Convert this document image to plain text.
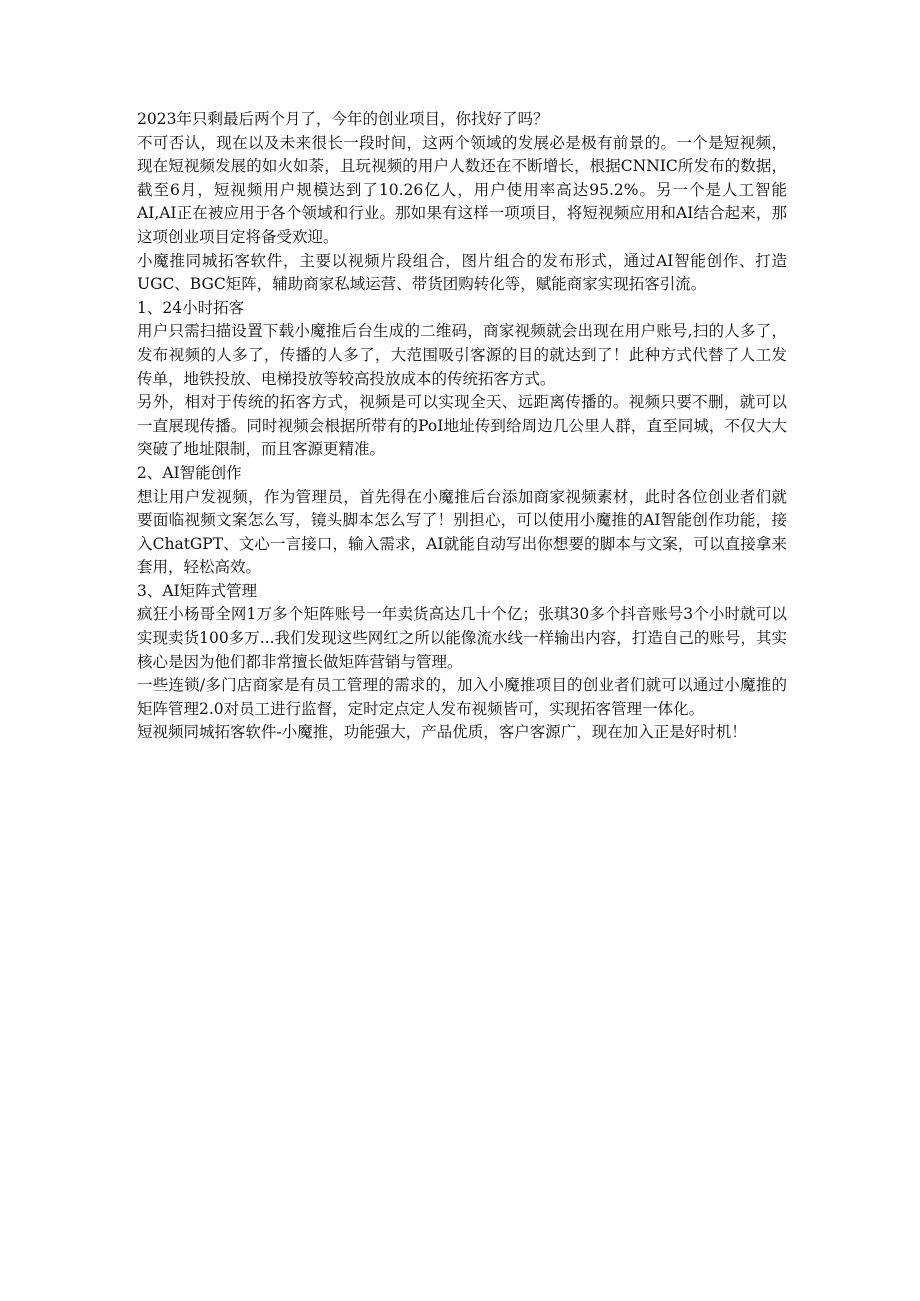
2023年只剩最后两个月了，今年的创业项目，你找好了吗？

不可否认，现在以及未来很长一段时间，这两个领域的发展必是极有前景的。一个是短视频，现在短视频发展的如火如荼，且玩视频的用户人数还在不断增长，根据CNNIC所发布的数据，截至6月，短视频用户规模达到了10.26亿人，用户使用率高达95.2%。另一个是人工智能AI,AI正在被应用于各个领域和行业。那如果有这样一项项目，将短视频应用和AI结合起来，那这项创业项目定将备受欢迎。

小魔推同城拓客软件，主要以视频片段组合，图片组合的发布形式，通过AI智能创作、打造UGC、BGC矩阵，辅助商家私域运营、带货团购转化等，赋能商家实现拓客引流。

1、24小时拓客

用户只需扫描设置下载小魔推后台生成的二维码，商家视频就会出现在用户账号,扫的人多了，发布视频的人多了，传播的人多了，大范围吸引客源的目的就达到了！此种方式代替了人工发传单，地铁投放、电梯投放等较高投放成本的传统拓客方式。

另外，相对于传统的拓客方式，视频是可以实现全天、远距离传播的。视频只要不删，就可以一直展现传播。同时视频会根据所带有的PoI地址传到给周边几公里人群，直至同城，不仅大大突破了地址限制，而且客源更精准。

2、AI智能创作

想让用户发视频，作为管理员，首先得在小魔推后台添加商家视频素材，此时各位创业者们就要面临视频文案怎么写，镜头脚本怎么写了！别担心，可以使用小魔推的AI智能创作功能，接入ChatGPT、文心一言接口，输入需求，AI就能自动写出你想要的脚本与文案，可以直接拿来套用，轻松高效。

3、AI矩阵式管理

疯狂小杨哥全网1万多个矩阵账号一年卖货高达几十个亿；张琪30多个抖音账号3个小时就可以实现卖货100多万...我们发现这些网红之所以能像流水线一样输出内容，打造自己的账号，其实核心是因为他们都非常擅长做矩阵营销与管理。

一些连锁/多门店商家是有员工管理的需求的，加入小魔推项目的创业者们就可以通过小魔推的矩阵管理2.0对员工进行监督，定时定点定人发布视频皆可，实现拓客管理一体化。

短视频同城拓客软件-小魔推，功能强大，产品优质，客户客源广，现在加入正是好时机！
